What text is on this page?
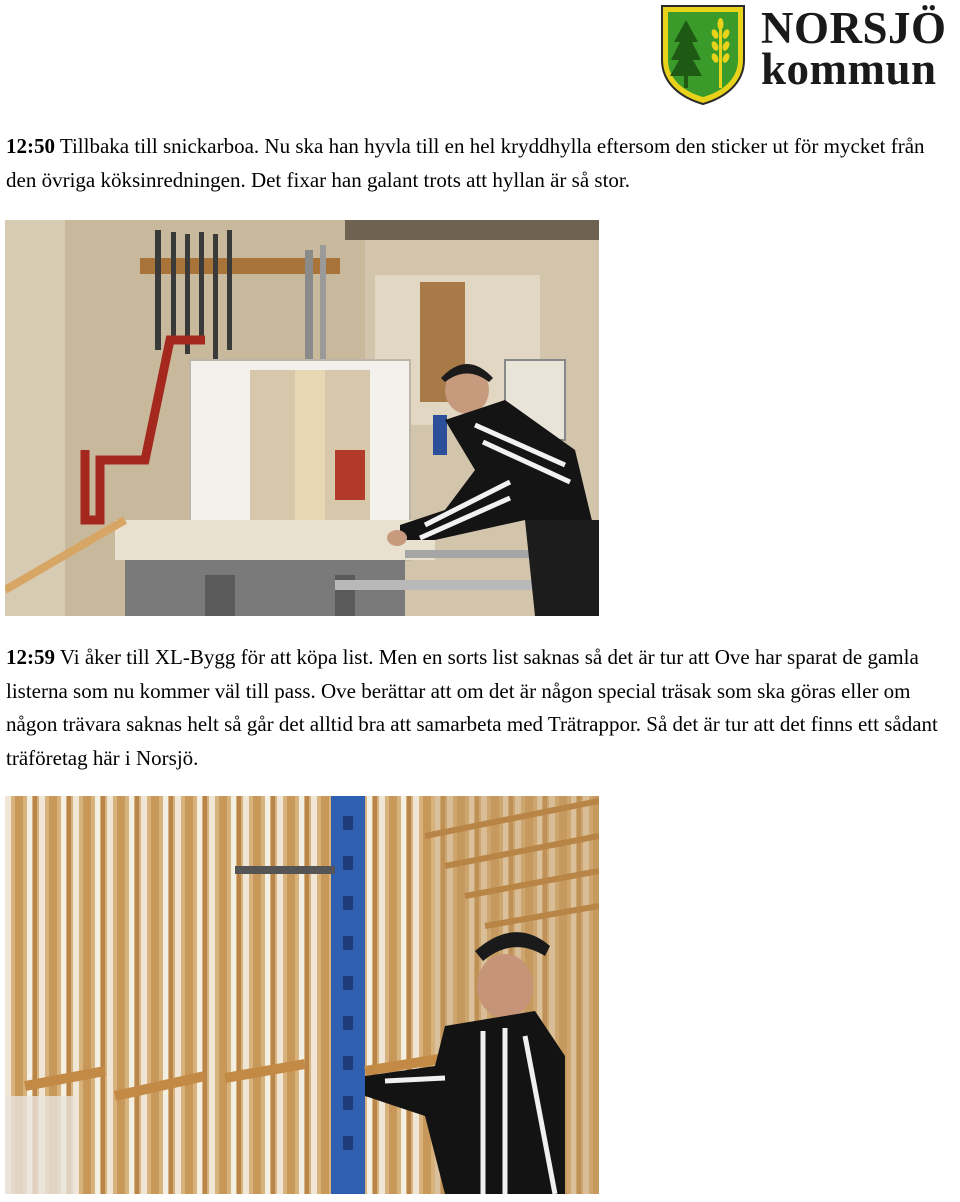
NORSJÖ
kommun

12:50 Tillbaka till snickarboa. Nu ska han hyvla till en hel kryddhylla eftersom den sticker ut för mycket från den övriga köksinredningen. Det fixar han galant trots att hyllan är så stor.

12:59 Vi åker till XL-Bygg för att köpa list. Men en sorts list saknas så det är tur att Ove har sparat de gamla listerna som nu kommer väl till pass. Ove berättar att om det är någon special träsak som ska göras eller om någon trävara saknas helt så går det alltid bra att samarbeta med Trätrappor. Så det är tur att det finns ett sådant träföretag här i Norsjö.
